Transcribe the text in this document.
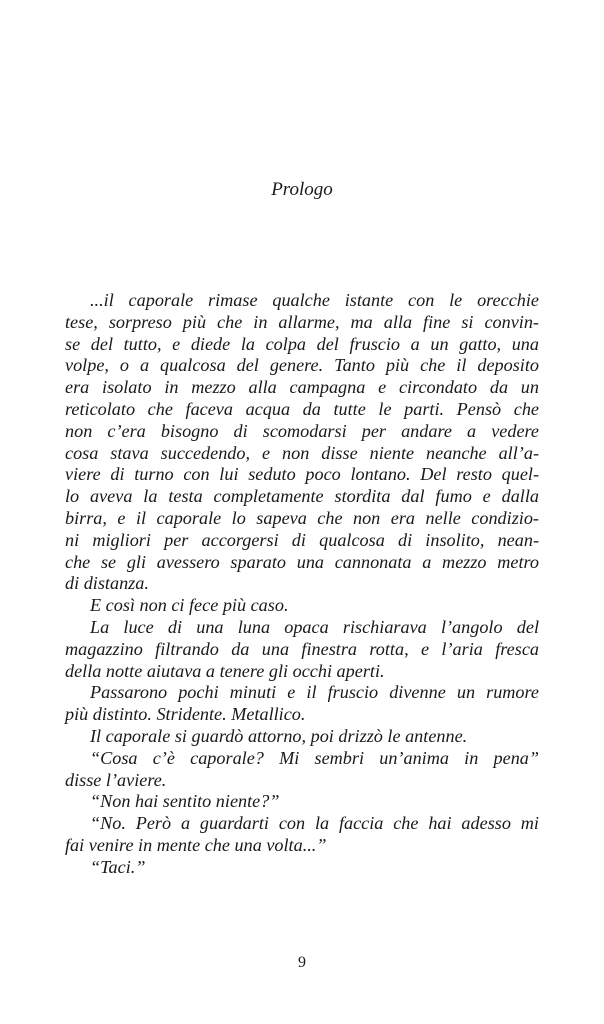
Prologo
...il caporale rimase qualche istante con le orecchie
tese, sorpreso più che in allarme, ma alla fine si convin-
se del tutto, e diede la colpa del fruscio a un gatto, una
volpe, o a qualcosa del genere. Tanto più che il deposito
era isolato in mezzo alla campagna e circondato da un
reticolato che faceva acqua da tutte le parti. Pensò che
non c’era bisogno di scomodarsi per andare a vedere
cosa stava succedendo, e non disse niente neanche all’a-
viere di turno con lui seduto poco lontano. Del resto quel-
lo aveva la testa completamente stordita dal fumo e dalla
birra, e il caporale lo sapeva che non era nelle condizio-
ni migliori per accorgersi di qualcosa di insolito, nean-
che se gli avessero sparato una cannonata a mezzo metro
di distanza.
E così non ci fece più caso.
La luce di una luna opaca rischiarava l’angolo del
magazzino filtrando da una finestra rotta, e l’aria fresca
della notte aiutava a tenere gli occhi aperti.
Passarono pochi minuti e il fruscio divenne un rumore
più distinto. Stridente. Metallico.
Il caporale si guardò attorno, poi drizzò le antenne.
“Cosa c’è caporale? Mi sembri un’anima in pena”
disse l’aviere.
“Non hai sentito niente?”
“No. Però a guardarti con la faccia che hai adesso mi
fai venire in mente che una volta...”
“Taci.”
9
